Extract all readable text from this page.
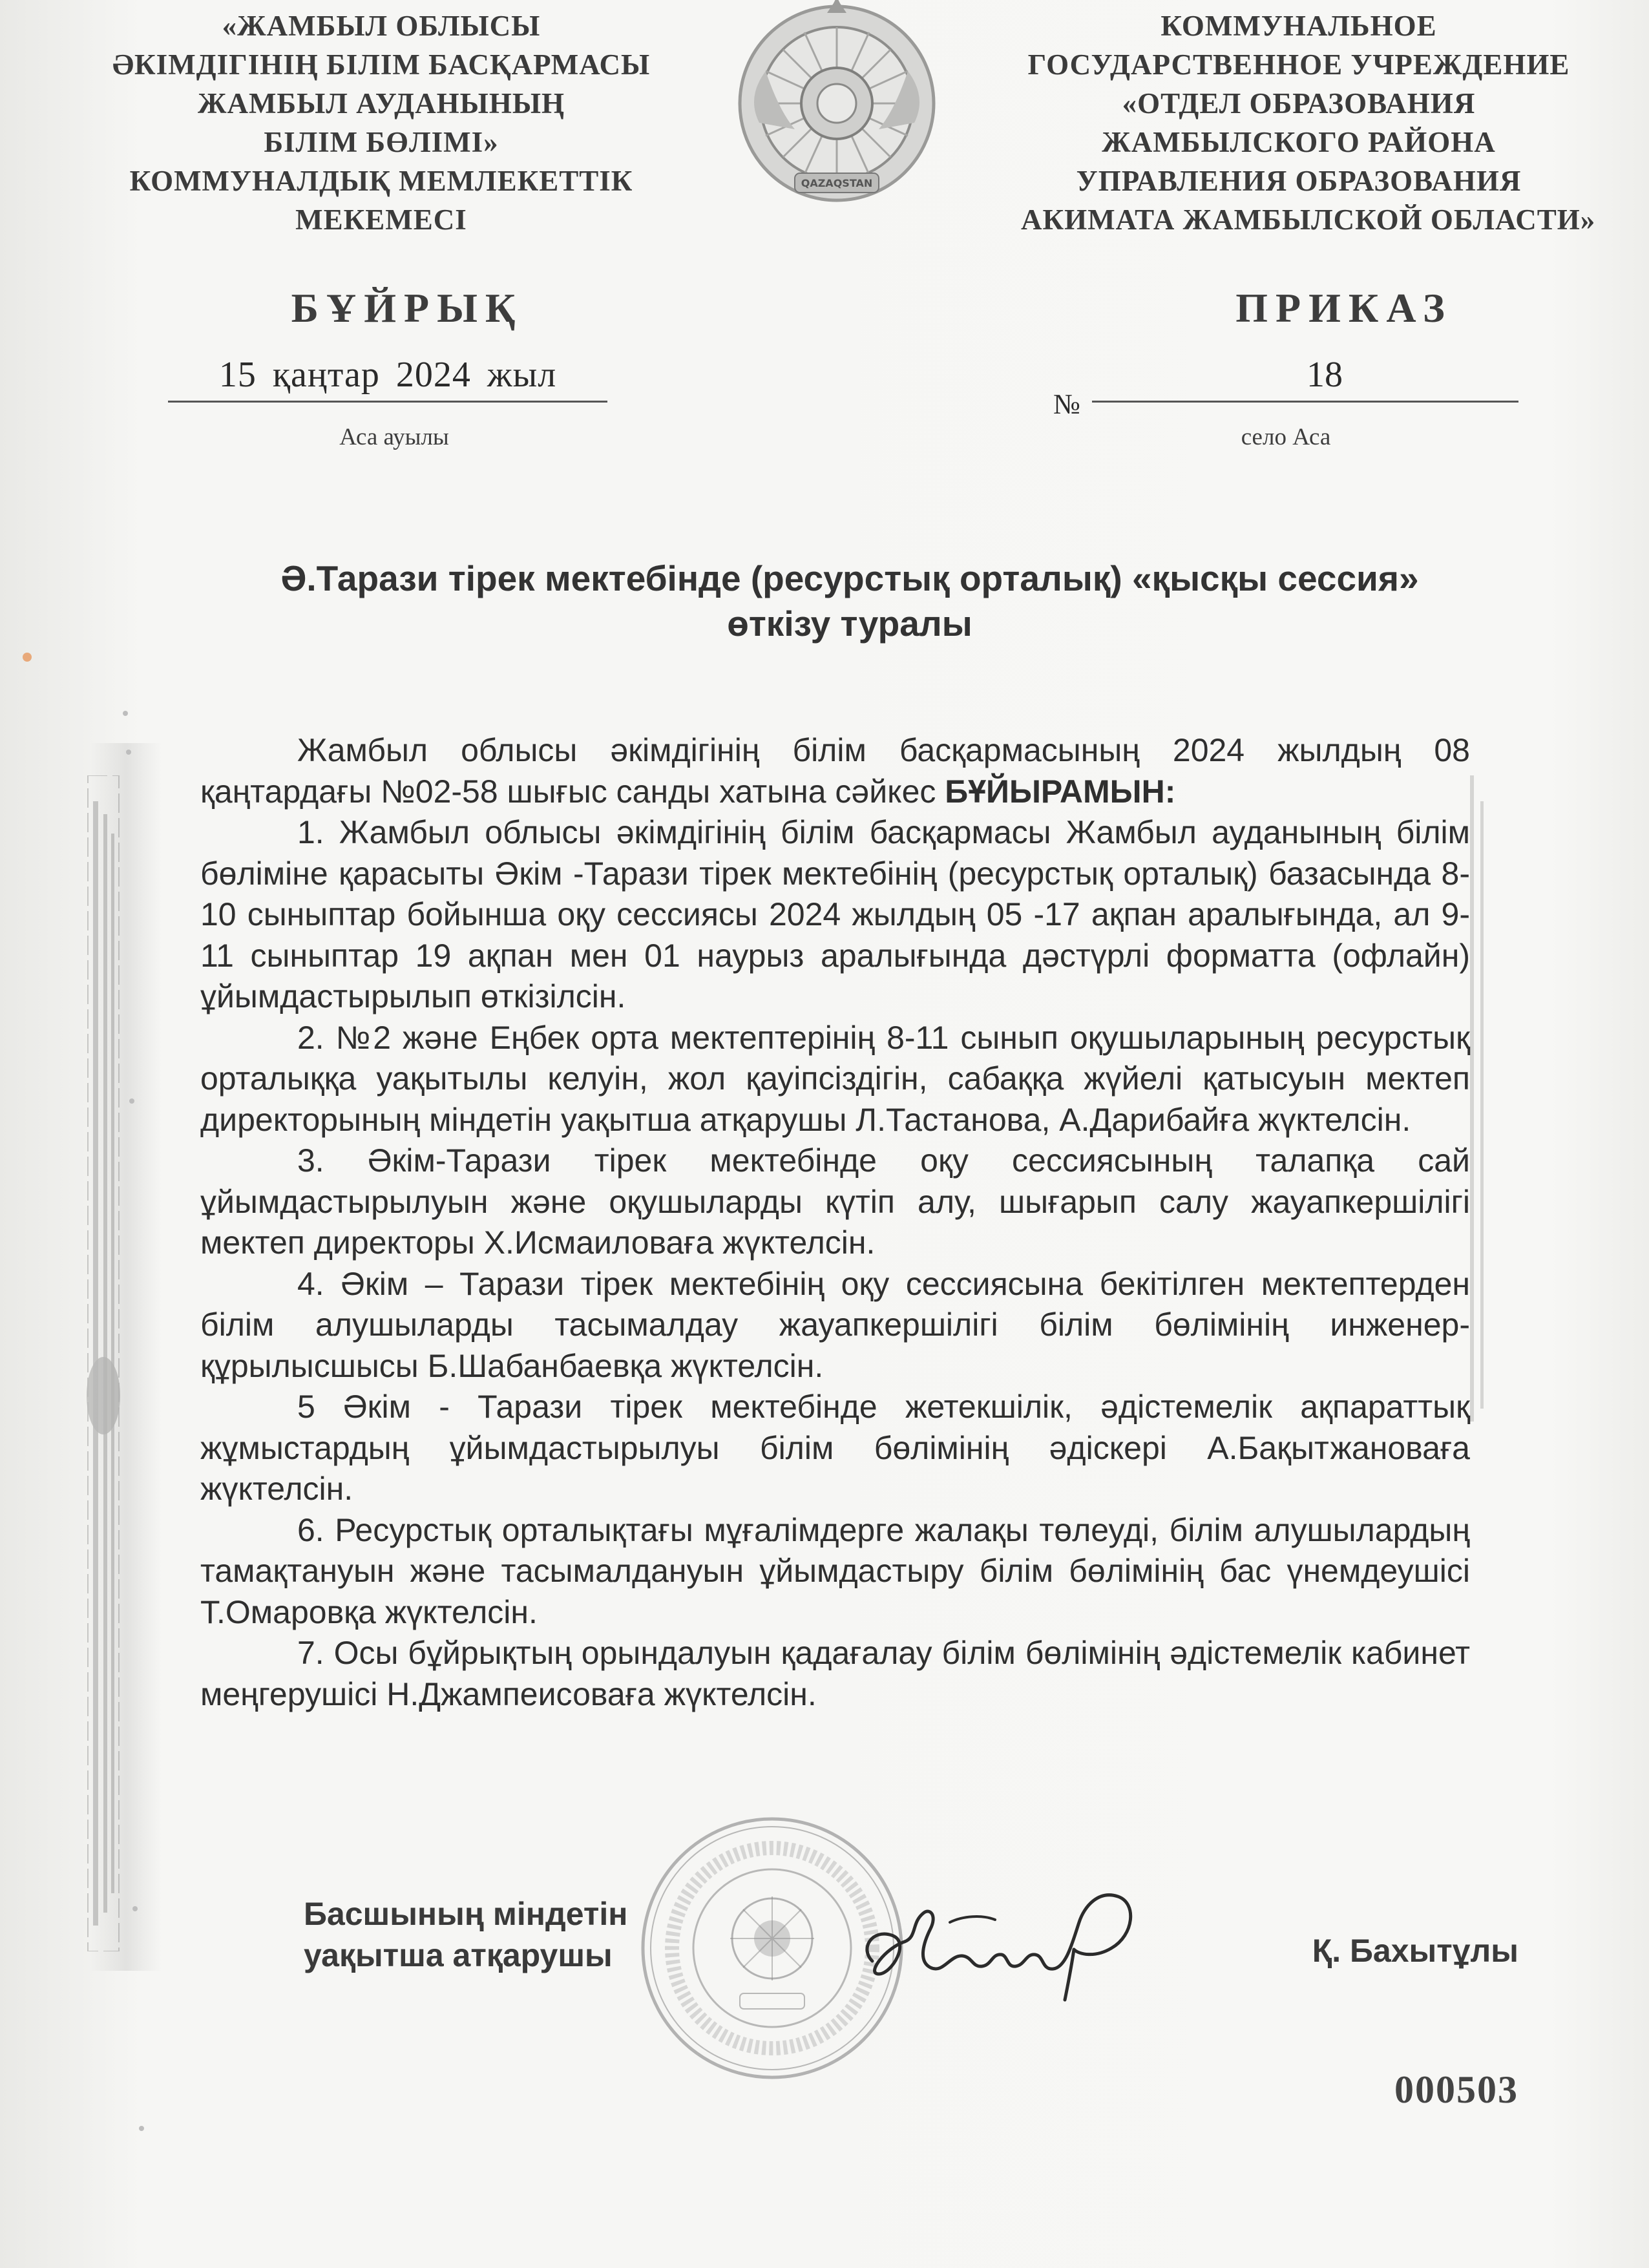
«ЖАМБЫЛ ОБЛЫСЫ
ӘКІМДІГІНІҢ БІЛІМ БАСҚАРМАСЫ
ЖАМБЫЛ АУДАНЫНЫҢ
БІЛІМ БӨЛІМІ»
КОММУНАЛДЫҚ МЕМЛЕКЕТТІК
МЕКЕМЕСІ
QAZAQSTAN
КОММУНАЛЬНОЕ
ГОСУДАРСТВЕННОЕ УЧРЕЖДЕНИЕ
«ОТДЕЛ ОБРАЗОВАНИЯ
ЖАМБЫЛСКОГО РАЙОНА
УПРАВЛЕНИЯ ОБРАЗОВАНИЯ
АКИМАТА ЖАМБЫЛСКОЙ ОБЛАСТИ»
БҰЙРЫҚ	ПРИКАЗ
15 қаңтар 2024 жыл
№
18
Аса ауылы	село Аса
Ә.Тарази тірек мектебінде (ресурстық орталық) «қысқы сессия»
өткізу туралы

Жамбыл облысы әкімдігінің білім басқармасының 2024 жылдың 08 қаңтардағы №02-58 шығыс санды хатына сәйкес БҰЙЫРАМЫН:

1. Жамбыл облысы әкімдігінің білім басқармасы Жамбыл ауданының білім бөліміне қарасыты Әкім -Тарази тірек мектебінің (ресурстық орталық) базасында 8-10 сыныптар бойынша оқу сессиясы 2024 жылдың 05 -17 ақпан аралығында, ал 9-11 сыныптар 19 ақпан мен 01 наурыз аралығында дәстүрлі форматта (офлайн) ұйымдастырылып өткізілсін.

2. №2 және Еңбек орта мектептерінің 8-11 сынып оқушыларының ресурстық орталыққа уақытылы келуін, жол қауіпсіздігін, сабаққа жүйелі қатысуын мектеп директорының міндетін уақытша атқарушы Л.Тастанова, А.Дарибайға жүктелсін.

3. Әкім-Тарази тірек мектебінде оқу сессиясының талапқа сай ұйымдастырылуын және оқушыларды күтіп алу, шығарып салу жауапкершілігі мектеп директоры Х.Исмаиловаға жүктелсін.

4. Әкім – Тарази тірек мектебінің оқу сессиясына бекітілген мектептерден білім алушыларды тасымалдау жауапкершілігі білім бөлімінің инженер-құрылысшысы Б.Шабанбаевқа жүктелсін.

5 Әкім - Тарази тірек мектебінде жетекшілік, әдістемелік ақпараттық жұмыстардың ұйымдастырылуы білім бөлімінің әдіскері А.Бақытжановаға жүктелсін.

6. Ресурстық орталықтағы мұғалімдерге жалақы төлеуді, білім алушылардың тамақтануын және тасымалдануын ұйымдастыру білім бөлімінің бас үнемдеушісі Т.Омаровқа жүктелсін.

7. Осы бұйрықтың орындалуын қадағалау білім бөлімінің әдістемелік кабинет меңгерушісі Н.Джампеисоваға жүктелсін.

Басшының міндетін
уақытша атқарушы	Қ. Бахытұлы
000503
